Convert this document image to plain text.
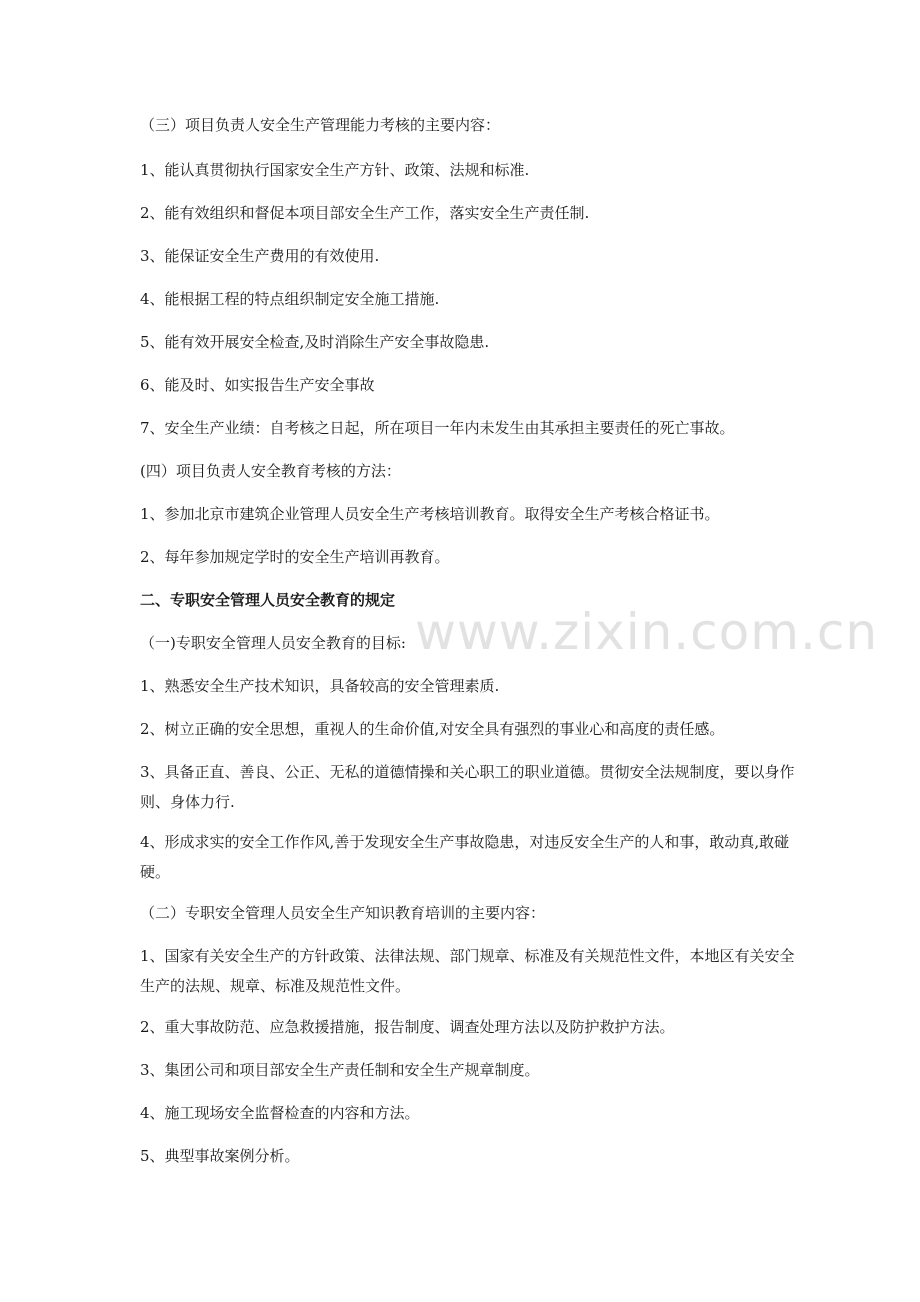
www.zixin.com.cn

（三）项目负责人安全生产管理能力考核的主要内容：

1、能认真贯彻执行国家安全生产方针、政策、法规和标准.

2、能有效组织和督促本项目部安全生产工作，落实安全生产责任制.

3、能保证安全生产费用的有效使用.

4、能根据工程的特点组织制定安全施工措施.

5、能有效开展安全检查,及时消除生产安全事故隐患.

6、能及时、如实报告生产安全事故

7、安全生产业绩：自考核之日起，所在项目一年内未发生由其承担主要责任的死亡事故。

(四）项目负责人安全教育考核的方法：

1、参加北京市建筑企业管理人员安全生产考核培训教育。取得安全生产考核合格证书。

2、每年参加规定学时的安全生产培训再教育。

二、专职安全管理人员安全教育的规定

（一)专职安全管理人员安全教育的目标:

1、熟悉安全生产技术知识，具备较高的安全管理素质.

2、树立正确的安全思想，重视人的生命价值,对安全具有强烈的事业心和高度的责任感。

3、具备正直、善良、公正、无私的道德情操和关心职工的职业道德。贯彻安全法规制度，要以身作则、身体力行.

4、形成求实的安全工作作风,善于发现安全生产事故隐患，对违反安全生产的人和事，敢动真,敢碰硬。

（二）专职安全管理人员安全生产知识教育培训的主要内容：

1、国家有关安全生产的方针政策、法律法规、部门规章、标准及有关规范性文件，本地区有关安全生产的法规、规章、标准及规范性文件。

2、重大事故防范、应急救援措施，报告制度、调查处理方法以及防护救护方法。

3、集团公司和项目部安全生产责任制和安全生产规章制度。

4、施工现场安全监督检查的内容和方法。

5、典型事故案例分析。
